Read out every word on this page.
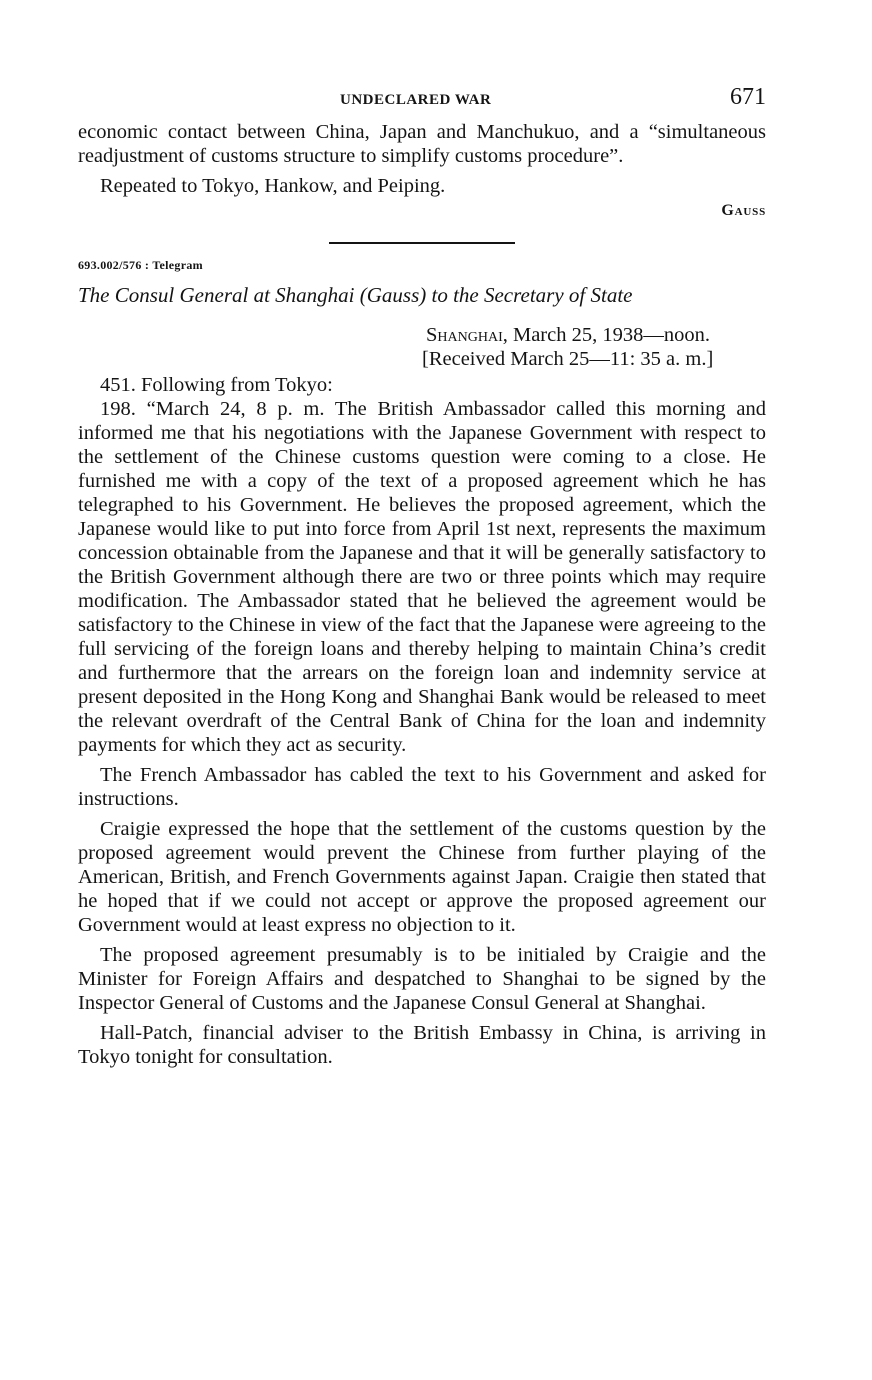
UNDECLARED WAR	671

economic contact between China, Japan and Manchukuo, and a “simultaneous readjustment of customs structure to simplify customs procedure”.

Repeated to Tokyo, Hankow, and Peiping.

Gauss
693.002/576 : Telegram
The Consul General at Shanghai (Gauss) to the Secretary of State
Shanghai, March 25, 1938—noon.
[Received March 25—11: 35 a. m.]

451. Following from Tokyo:

198. “March 24, 8 p. m. The British Ambassador called this morning and informed me that his negotiations with the Japanese Government with respect to the settlement of the Chinese customs question were coming to a close. He furnished me with a copy of the text of a proposed agreement which he has telegraphed to his Government. He believes the proposed agreement, which the Japanese would like to put into force from April 1st next, represents the maximum concession obtainable from the Japanese and that it will be generally satisfactory to the British Government although there are two or three points which may require modification. The Ambassador stated that he believed the agreement would be satisfactory to the Chinese in view of the fact that the Japanese were agreeing to the full servicing of the foreign loans and thereby helping to maintain China’s credit and furthermore that the arrears on the foreign loan and indemnity service at present deposited in the Hong Kong and Shanghai Bank would be released to meet the relevant overdraft of the Central Bank of China for the loan and indemnity payments for which they act as security.

The French Ambassador has cabled the text to his Government and asked for instructions.

Craigie expressed the hope that the settlement of the customs question by the proposed agreement would prevent the Chinese from further playing of the American, British, and French Governments against Japan. Craigie then stated that he hoped that if we could not accept or approve the proposed agreement our Government would at least express no objection to it.

The proposed agreement presumably is to be initialed by Craigie and the Minister for Foreign Affairs and despatched to Shanghai to be signed by the Inspector General of Customs and the Japanese Consul General at Shanghai.

Hall-Patch, financial adviser to the British Embassy in China, is arriving in Tokyo tonight for consultation.
